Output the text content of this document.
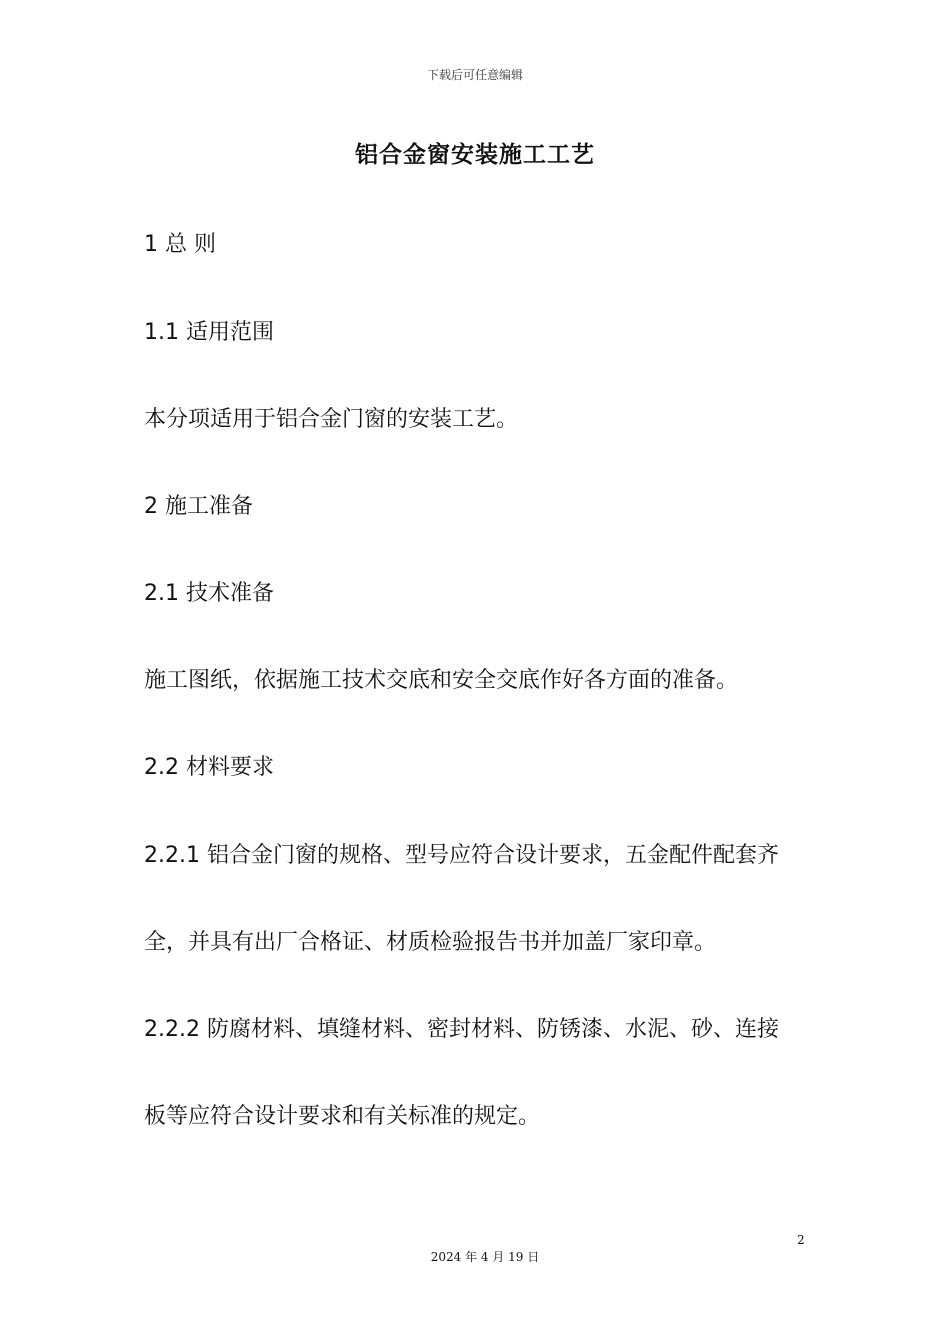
下载后可任意编辑
铝合金窗安装施工工艺
1 总 则
1.1 适用范围
本分项适用于铝合金门窗的安装工艺。
2 施工准备
2.1 技术准备
施工图纸，依据施工技术交底和安全交底作好各方面的准备。
2.2 材料要求
2.2.1 铝合金门窗的规格、型号应符合设计要求，五金配件配套齐
全，并具有出厂合格证、材质检验报告书并加盖厂家印章。
2.2.2 防腐材料、填缝材料、密封材料、防锈漆、水泥、砂、连接
板等应符合设计要求和有关标准的规定。
2
2024 年 4 月 19 日
